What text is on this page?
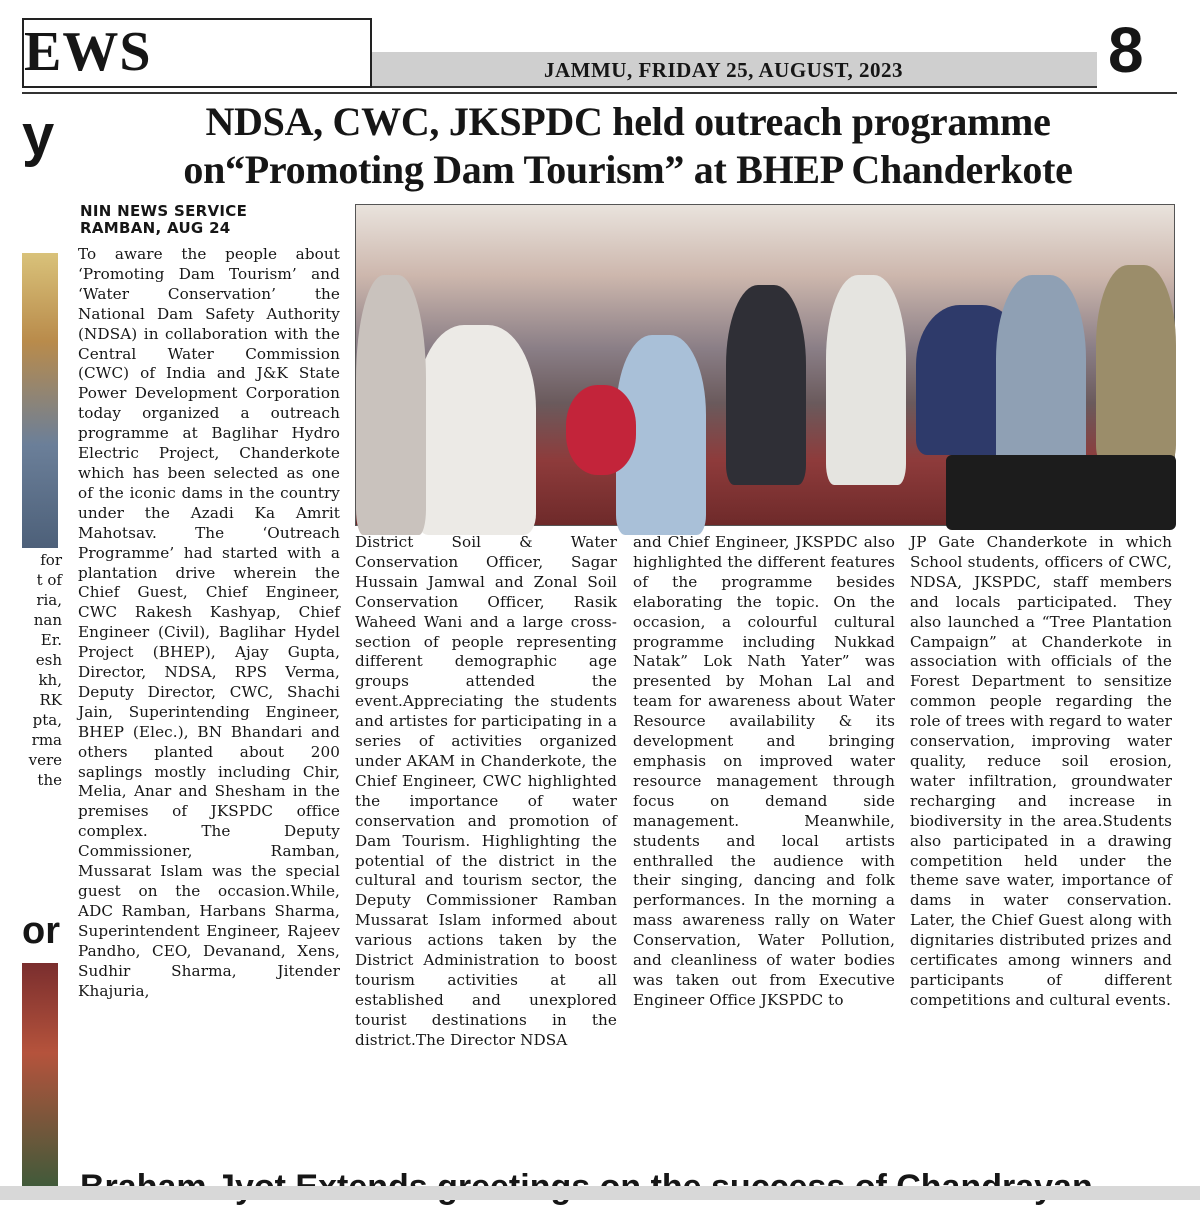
EWS	JAMMU, FRIDAY 25, AUGUST, 2023	8
y
for
t of
ria,
nan
Er.
esh
kh,
RK
pta,
rma
vere
the
or
NDSA, CWC, JKSPDC held outreach programme
on“Promoting Dam Tourism” at BHEP Chanderkote
NIN NEWS SERVICE
RAMBAN, AUG 24
To aware the people about ‘Promoting Dam Tourism’ and ‘Water Conservation’ the National Dam Safety Authority (NDSA) in collaboration with the Central Water Commission (CWC) of India and J&K State Power Development Corporation today organized a outreach programme at Baglihar Hydro Electric Project, Chanderkote which has been selected as one of the iconic dams in the country under the Azadi Ka Amrit Mahotsav. The ‘Outreach Programme’ had started with a plantation drive wherein the Chief Guest, Chief Engineer, CWC Rakesh Kashyap, Chief Engineer (Civil), Baglihar Hydel Project (BHEP), Ajay Gupta, Director, NDSA, RPS Verma, Deputy Director, CWC, Shachi Jain, Superintending Engineer, BHEP (Elec.), BN Bhandari and others planted about 200 saplings mostly including Chir, Melia, Anar and Shesham in the premises of JKSPDC office complex. The Deputy Commissioner, Ramban, Mussarat Islam was the special guest on the occasion.While, ADC Ramban, Harbans Sharma, Superintendent Engineer, Rajeev Pandho, CEO, Devanand, Xens, Sudhir Sharma, Jitender Khajuria,
District Soil & Water Conservation Officer, Sagar Hussain Jamwal and Zonal Soil Conservation Officer, Rasik Waheed Wani and a large cross-section of people representing different demographic age groups attended the event.Appreciating the students and artistes for participating in a series of activities organized under AKAM in Chanderkote, the Chief Engineer, CWC highlighted the importance of water conservation and promotion of Dam Tourism. Highlighting the potential of the district in the cultural and tourism sector, the Deputy Commissioner Ramban Mussarat Islam informed about various actions taken by the District Administration to boost tourism activities at all established and unexplored tourist destinations in the district.The Director NDSA
and Chief Engineer, JKSPDC also highlighted the different features of the programme besides elaborating the topic. On the occasion, a colourful cultural programme including Nukkad Natak” Lok Nath Yater” was presented by Mohan Lal and team for awareness about Water Resource availability & its development and bringing emphasis on improved water resource management through focus on demand side management. Meanwhile, students and local artists enthralled the audience with their singing, dancing and folk performances. In the morning a mass awareness rally on Water Conservation, Water Pollution, and cleanliness of water bodies was taken out from Executive Engineer Office JKSPDC to
JP Gate Chanderkote in which School students, officers of CWC, NDSA, JKSPDC, staff members and locals participated. They also launched a “Tree Plantation Campaign” at Chanderkote in association with officials of the Forest Department to sensitize common people regarding the role of trees with regard to water conservation, improving water quality, reduce soil erosion, water infiltration, groundwater recharging and increase in biodiversity in the area.Students also participated in a drawing competition held under the theme save water, importance of dams in water conservation. Later, the Chief Guest along with dignitaries distributed prizes and certificates among winners and participants of different competitions and cultural events.
